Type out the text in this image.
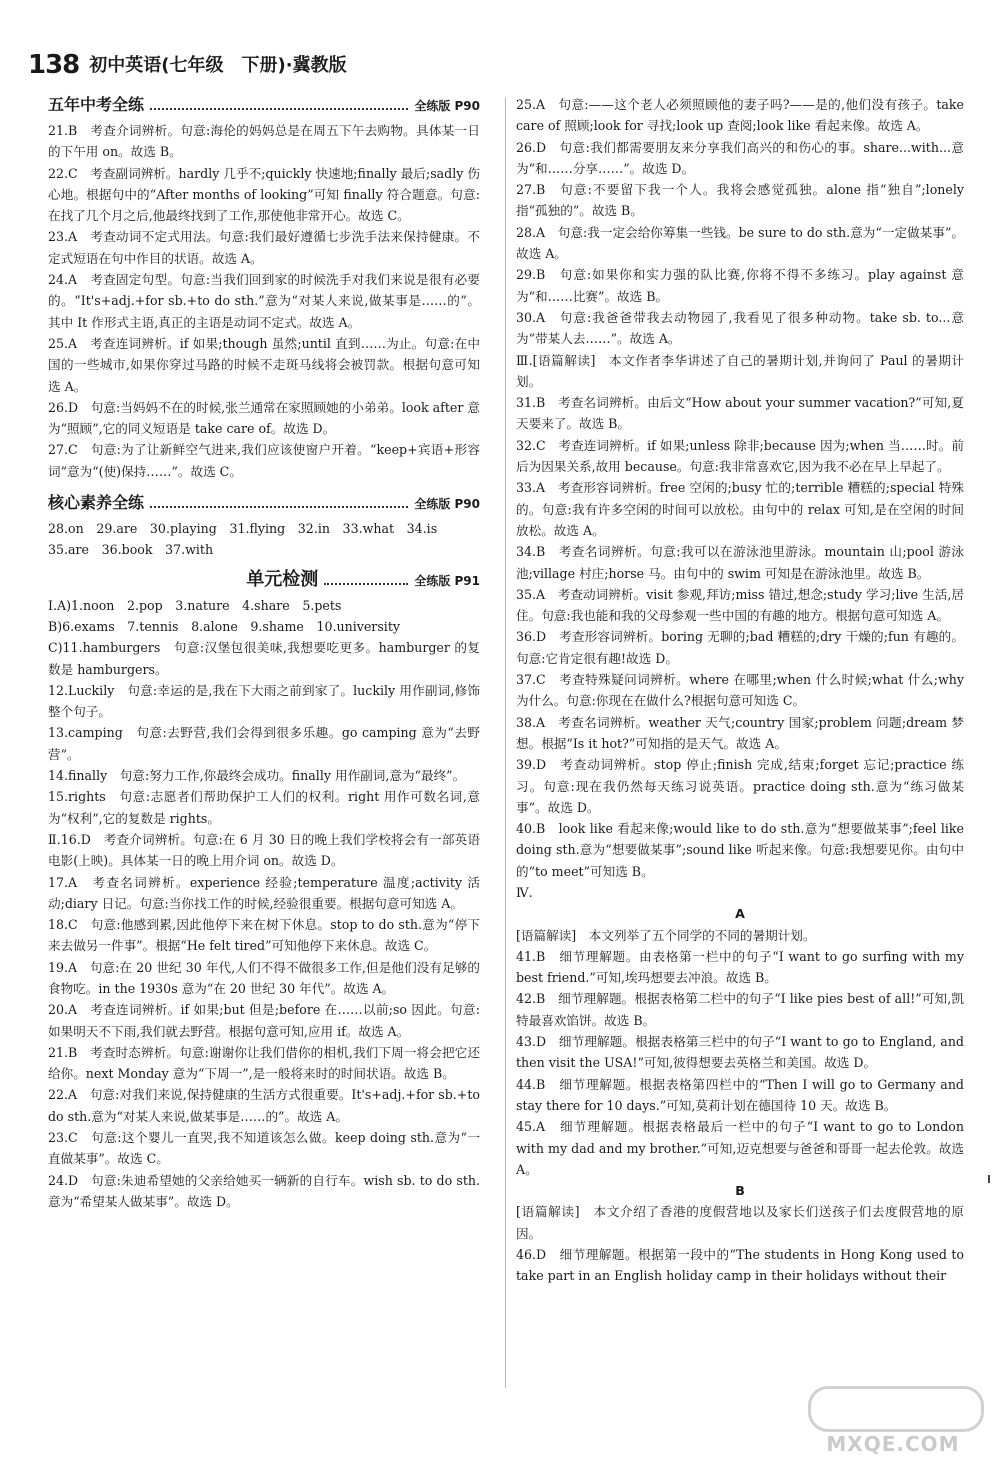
138 初中英语(七年级　下册)·冀教版
五年中考全练	全练版 P90
21.B　考查介词辨析。句意:海伦的妈妈总是在周五下午去购物。具体某一日的下午用 on。故选 B。
22.C　考查副词辨析。hardly 几乎不;quickly 快速地;finally 最后;sadly 伤心地。根据句中的“After months of looking”可知 finally 符合题意。句意:在找了几个月之后,他最终找到了工作,那使他非常开心。故选 C。
23.A　考查动词不定式用法。句意:我们最好遵循七步洗手法来保持健康。不定式短语在句中作目的状语。故选 A。
24.A　考查固定句型。句意:当我们回到家的时候洗手对我们来说是很有必要的。“It's+adj.+for sb.+to do sth.”意为“对某人来说,做某事是……的”。其中 It 作形式主语,真正的主语是动词不定式。故选 A。
25.A　考查连词辨析。if 如果;though 虽然;until 直到……为止。句意:在中国的一些城市,如果你穿过马路的时候不走斑马线将会被罚款。根据句意可知选 A。
26.D　句意:当妈妈不在的时候,张兰通常在家照顾她的小弟弟。look after 意为“照顾”,它的同义短语是 take care of。故选 D。
27.C　句意:为了让新鲜空气进来,我们应该使窗户开着。“keep+宾语+形容词”意为“(使)保持……”。故选 C。
核心素养全练	全练版 P90
28.on　29.are　30.playing　31.flying　32.in　33.what　34.is
35.are　36.book　37.with
单元检测	全练版 P91
Ⅰ.A)1.noon　2.pop　3.nature　4.share　5.pets
B)6.exams　7.tennis　8.alone　9.shame　10.university
C)11.hamburgers　句意:汉堡包很美味,我想要吃更多。hamburger 的复数是 hamburgers。
12.Luckily　句意:幸运的是,我在下大雨之前到家了。luckily 用作副词,修饰整个句子。
13.camping　句意:去野营,我们会得到很多乐趣。go camping 意为“去野营”。
14.finally　句意:努力工作,你最终会成功。finally 用作副词,意为“最终”。
15.rights　句意:志愿者们帮助保护工人们的权利。right 用作可数名词,意为“权利”,它的复数是 rights。
Ⅱ.16.D　考查介词辨析。句意:在 6 月 30 日的晚上我们学校将会有一部英语电影(上映)。具体某一日的晚上用介词 on。故选 D。
17.A　考查名词辨析。experience 经验;temperature 温度;activity 活动;diary 日记。句意:当你找工作的时候,经验很重要。根据句意可知选 A。
18.C　句意:他感到累,因此他停下来在树下休息。stop to do sth.意为“停下来去做另一件事”。根据“He felt tired”可知他停下来休息。故选 C。
19.A　句意:在 20 世纪 30 年代,人们不得不做很多工作,但是他们没有足够的食物吃。in the 1930s 意为“在 20 世纪 30 年代”。故选 A。
20.A　考查连词辨析。if 如果;but 但是;before 在……以前;so 因此。句意:如果明天不下雨,我们就去野营。根据句意可知,应用 if。故选 A。
21.B　考查时态辨析。句意:谢谢你让我们借你的相机,我们下周一将会把它还给你。next Monday 意为“下周一”,是一般将来时的时间状语。故选 B。
22.A　句意:对我们来说,保持健康的生活方式很重要。It's+adj.+for sb.+to do sth.意为“对某人来说,做某事是……的”。故选 A。
23.C　句意:这个婴儿一直哭,我不知道该怎么做。keep doing sth.意为“一直做某事”。故选 C。
24.D　句意:朱迪希望她的父亲给她买一辆新的自行车。wish sb. to do sth.意为“希望某人做某事”。故选 D。
25.A　句意:——这个老人必须照顾他的妻子吗?——是的,他们没有孩子。take care of 照顾;look for 寻找;look up 查阅;look like 看起来像。故选 A。
26.D　句意:我们都需要朋友来分享我们高兴的和伤心的事。share...with...意为“和……分享……”。故选 D。
27.B　句意:不要留下我一个人。我将会感觉孤独。alone 指“独自”;lonely 指“孤独的”。故选 B。
28.A　句意:我一定会给你筹集一些钱。be sure to do sth.意为“一定做某事”。故选 A。
29.B　句意:如果你和实力强的队比赛,你将不得不多练习。play against 意为“和……比赛”。故选 B。
30.A　句意:我爸爸带我去动物园了,我看见了很多种动物。take sb. to...意为“带某人去……”。故选 A。
Ⅲ.[语篇解读]　本文作者李华讲述了自己的暑期计划,并询问了 Paul 的暑期计划。
31.B　考查名词辨析。由后文“How about your summer vacation?”可知,夏天要来了。故选 B。
32.C　考查连词辨析。if 如果;unless 除非;because 因为;when 当……时。前后为因果关系,故用 because。句意:我非常喜欢它,因为我不必在早上早起了。
33.A　考查形容词辨析。free 空闲的;busy 忙的;terrible 糟糕的;special 特殊的。句意:我有许多空闲的时间可以放松。由句中的 relax 可知,是在空闲的时间放松。故选 A。
34.B　考查名词辨析。句意:我可以在游泳池里游泳。mountain 山;pool 游泳池;village 村庄;horse 马。由句中的 swim 可知是在游泳池里。故选 B。
35.A　考查动词辨析。visit 参观,拜访;miss 错过,想念;study 学习;live 生活,居住。句意:我也能和我的父母参观一些中国的有趣的地方。根据句意可知选 A。
36.D　考查形容词辨析。boring 无聊的;bad 糟糕的;dry 干燥的;fun 有趣的。句意:它肯定很有趣!故选 D。
37.C　考查特殊疑问词辨析。where 在哪里;when 什么时候;what 什么;why 为什么。句意:你现在在做什么?根据句意可知选 C。
38.A　考查名词辨析。weather 天气;country 国家;problem 问题;dream 梦想。根据“Is it hot?”可知指的是天气。故选 A。
39.D　考查动词辨析。stop 停止;finish 完成,结束;forget 忘记;practice 练习。句意:现在我仍然每天练习说英语。practice doing sth.意为“练习做某事”。故选 D。
40.B　look like 看起来像;would like to do sth.意为“想要做某事”;feel like doing sth.意为“想要做某事”;sound like 听起来像。句意:我想要见你。由句中的“to meet”可知选 B。
Ⅳ.
A
[语篇解读]　本文列举了五个同学的不同的暑期计划。
41.B　细节理解题。由表格第一栏中的句子“I want to go surfing with my best friend.”可知,埃玛想要去冲浪。故选 B。
42.B　细节理解题。根据表格第二栏中的句子“I like pies best of all!”可知,凯特最喜欢馅饼。故选 B。
43.D　细节理解题。根据表格第三栏中的句子“I want to go to England, and then visit the USA!”可知,彼得想要去英格兰和美国。故选 D。
44.B　细节理解题。根据表格第四栏中的“Then I will go to Germany and stay there for 10 days.”可知,莫莉计划在德国待 10 天。故选 B。
45.A　细节理解题。根据表格最后一栏中的句子“I want to go to London with my dad and my brother.”可知,迈克想要与爸爸和哥哥一起去伦敦。故选 A。
B
[语篇解读]　本文介绍了香港的度假营地以及家长们送孩子们去度假营地的原因。
46.D　细节理解题。根据第一段中的“The students in Hong Kong used to take part in an English holiday camp in their holidays without their
MXQE.COM
